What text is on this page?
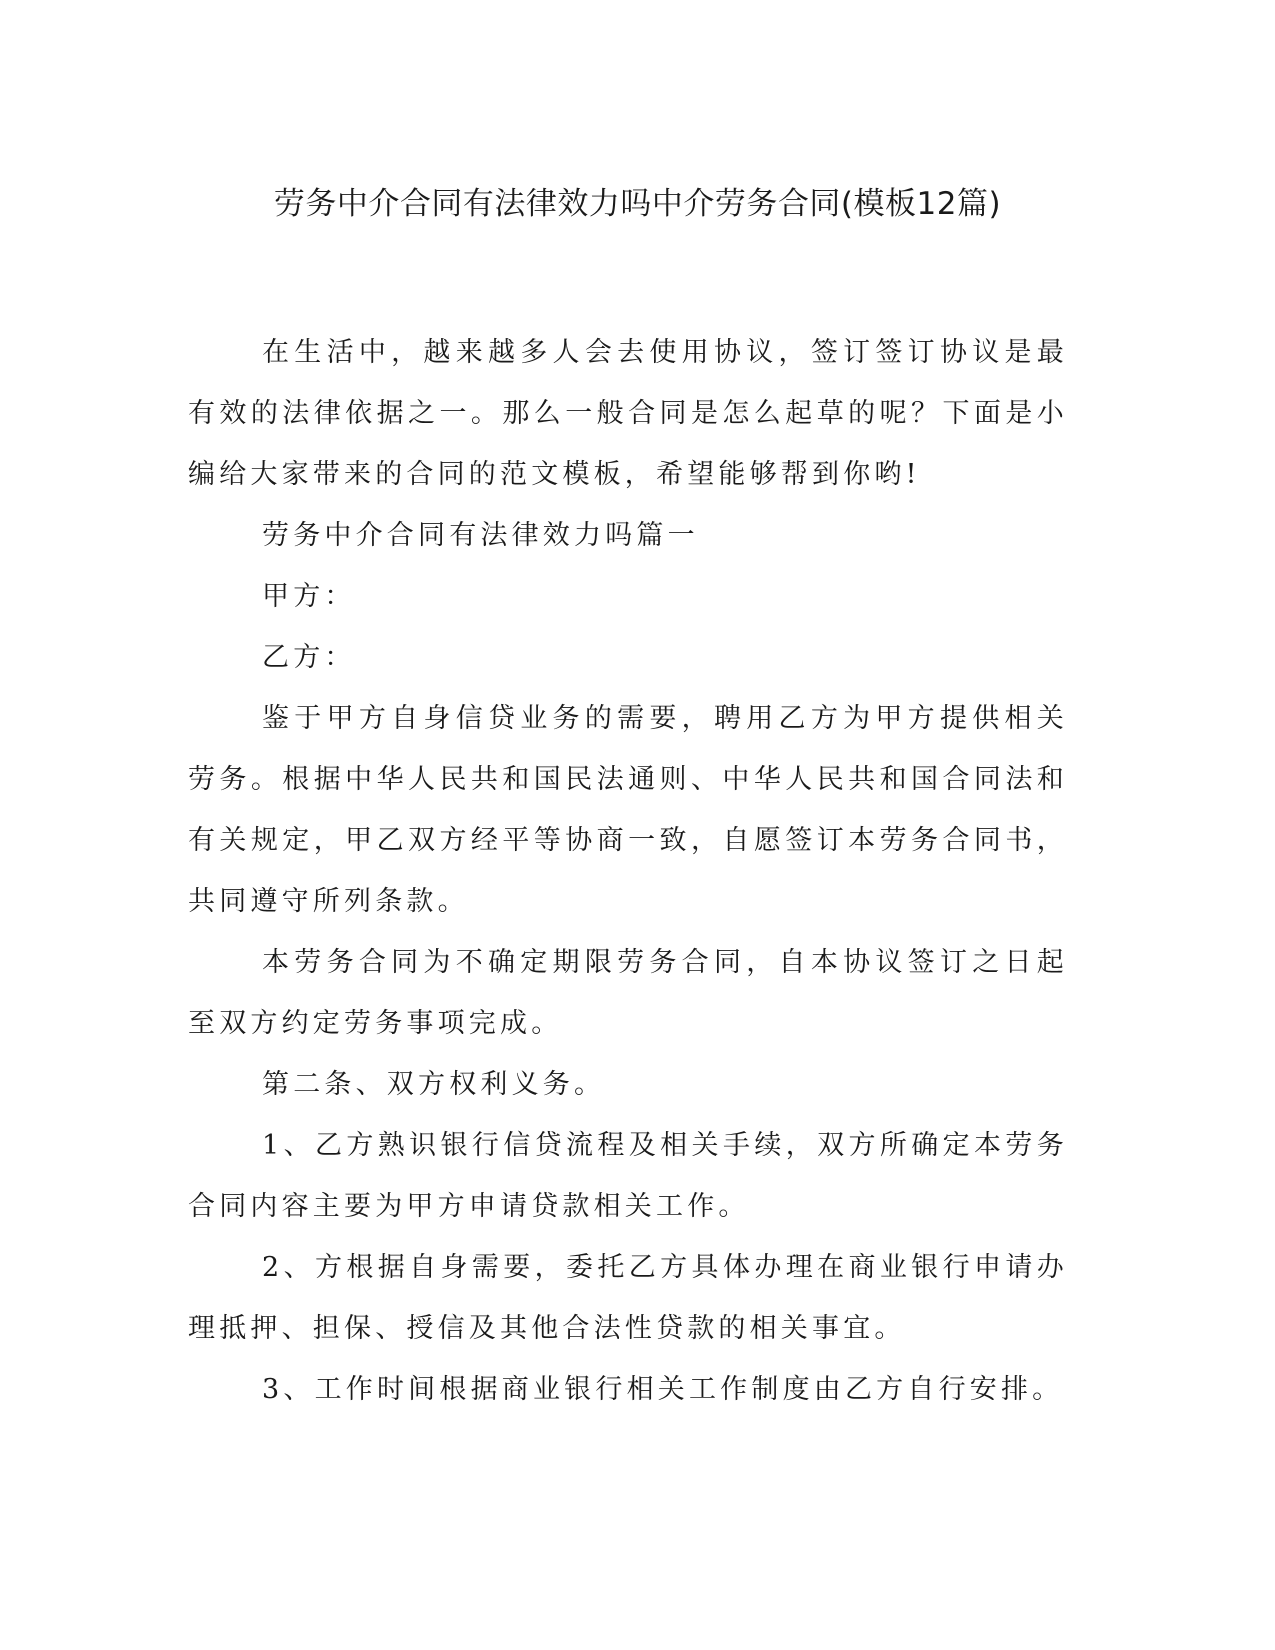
劳务中介合同有法律效力吗中介劳务合同(模板12篇)

在生活中，越来越多人会去使用协议，签订签订协议是最有效的法律依据之一。那么一般合同是怎么起草的呢？下面是小编给大家带来的合同的范文模板，希望能够帮到你哟!

劳务中介合同有法律效力吗篇一

甲方：

乙方：

鉴于甲方自身信贷业务的需要，聘用乙方为甲方提供相关劳务。根据中华人民共和国民法通则、中华人民共和国合同法和有关规定，甲乙双方经平等协商一致，自愿签订本劳务合同书，共同遵守所列条款。

本劳务合同为不确定期限劳务合同，自本协议签订之日起至双方约定劳务事项完成。

第二条、双方权利义务。

1、乙方熟识银行信贷流程及相关手续，双方所确定本劳务合同内容主要为甲方申请贷款相关工作。

2、方根据自身需要，委托乙方具体办理在商业银行申请办理抵押、担保、授信及其他合法性贷款的相关事宜。

3、工作时间根据商业银行相关工作制度由乙方自行安排。
